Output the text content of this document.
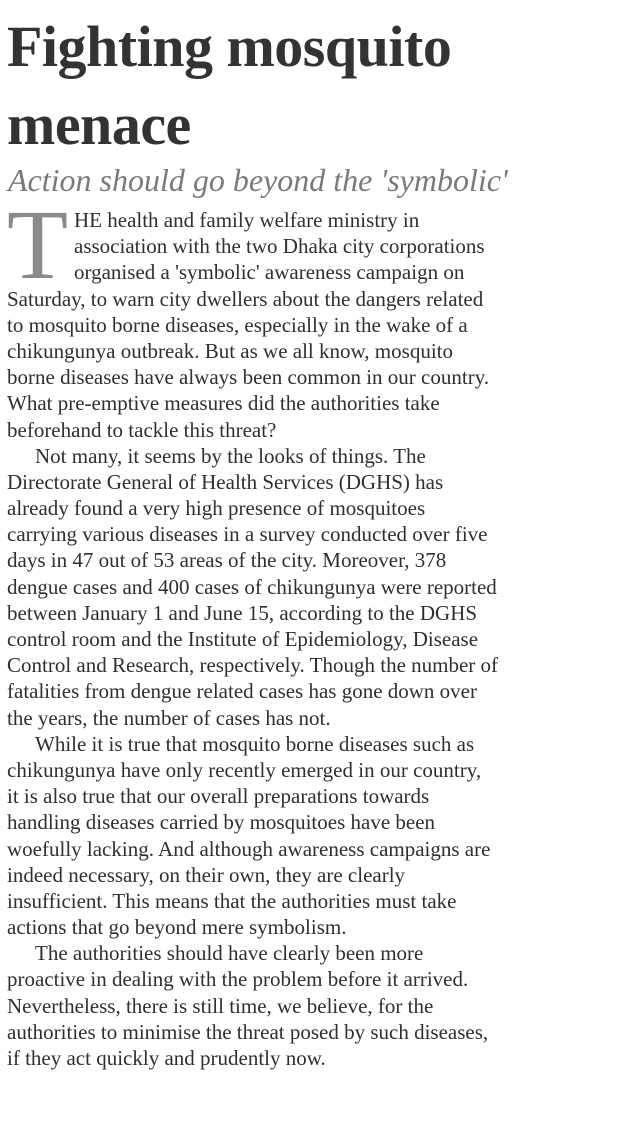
Fighting mosquito
menace
Action should go beyond the 'symbolic'
T HE health and family welfare ministry in
association with the two Dhaka city corporations
organised a 'symbolic' awareness campaign on
Saturday, to warn city dwellers about the dangers related
to mosquito borne diseases, especially in the wake of a
chikungunya outbreak. But as we all know, mosquito
borne diseases have always been common in our country.
What pre-emptive measures did the authorities take
beforehand to tackle this threat?
Not many, it seems by the looks of things. The
Directorate General of Health Services (DGHS) has
already found a very high presence of mosquitoes
carrying various diseases in a survey conducted over five
days in 47 out of 53 areas of the city. Moreover, 378
dengue cases and 400 cases of chikungunya were reported
between January 1 and June 15, according to the DGHS
control room and the Institute of Epidemiology, Disease
Control and Research, respectively. Though the number of
fatalities from dengue related cases has gone down over
the years, the number of cases has not.
While it is true that mosquito borne diseases such as
chikungunya have only recently emerged in our country,
it is also true that our overall preparations towards
handling diseases carried by mosquitoes have been
woefully lacking. And although awareness campaigns are
indeed necessary, on their own, they are clearly
insufficient. This means that the authorities must take
actions that go beyond mere symbolism.
The authorities should have clearly been more
proactive in dealing with the problem before it arrived.
Nevertheless, there is still time, we believe, for the
authorities to minimise the threat posed by such diseases,
if they act quickly and prudently now.
